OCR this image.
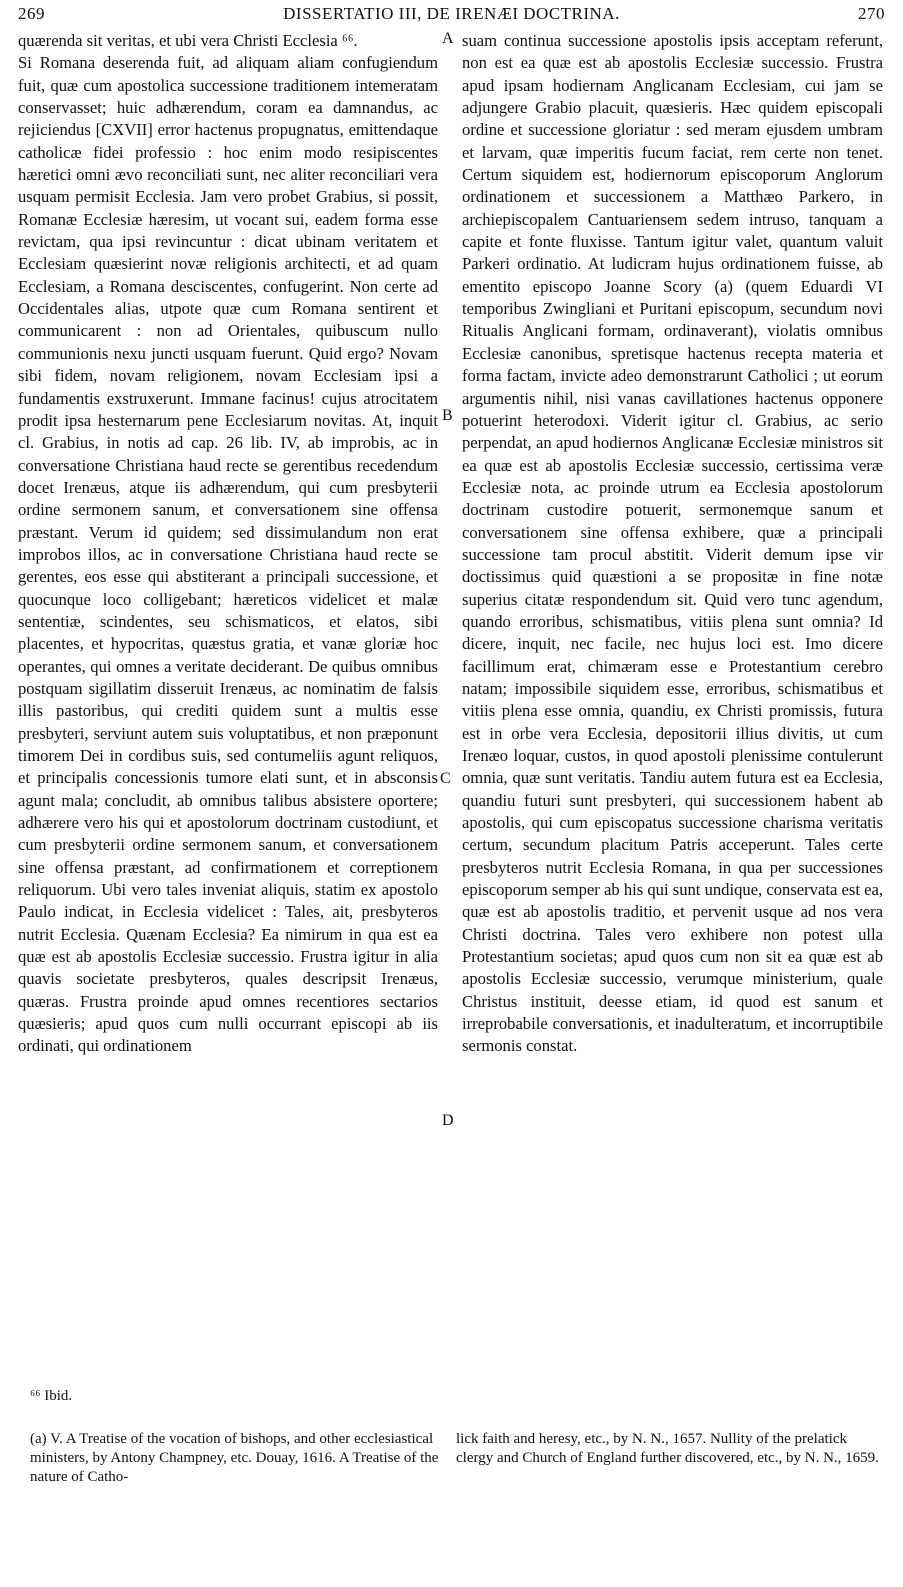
269	DISSERTATIO III, DE IRENÆI DOCTRINA.	270

quærenda sit veritas, et ubi vera Christi Ecclesia ⁶⁶.

Si Romana deserenda fuit, ad aliquam aliam confugiendum fuit, quæ cum apostolica successione traditionem intemeratam conservasset; huic adhærendum, coram ea damnandus, ac rejiciendus [CXVII] error hactenus propugnatus, emittendaque catholicæ fidei professio : hoc enim modo resipiscentes hæretici omni ævo reconciliati sunt, nec aliter reconciliari vera usquam permisit Ecclesia. Jam vero probet Grabius, si possit, Romanæ Ecclesiæ hæresim, ut vocant sui, eadem forma esse revictam, qua ipsi revincuntur : dicat ubinam veritatem et Ecclesiam quæsierint novæ religionis architecti, et ad quam Ecclesiam, a Romana desciscentes, confugerint. Non certe ad Occidentales alias, utpote quæ cum Romana sentirent et communicarent : non ad Orientales, quibuscum nullo communionis nexu juncti usquam fuerunt. Quid ergo? Novam sibi fidem, novam religionem, novam Ecclesiam ipsi a fundamentis exstruxerunt. Immane facinus! cujus atrocitatem prodit ipsa hesternarum pene Ecclesiarum novitas. At, inquit cl. Grabius, in notis ad cap. 26 lib. IV, ab improbis, ac in conversatione Christiana haud recte se gerentibus recedendum docet Irenæus, atque iis adhærendum, qui cum presbyterii ordine sermonem sanum, et conversationem sine offensa præstant. Verum id quidem; sed dissimulandum non erat improbos illos, ac in conversatione Christiana haud recte se gerentes, eos esse qui abstiterant a principali successione, et quocunque loco colligebant; hæreticos videlicet et malæ sententiæ, scindentes, seu schismaticos, et elatos, sibi placentes, et hypocritas, quæstus gratia, et vanæ gloriæ hoc operantes, qui omnes a veritate deciderant. De quibus omnibus postquam sigillatim disseruit Irenæus, ac nominatim de falsis illis pastoribus, qui crediti quidem sunt a multis esse presbyteri, serviunt autem suis voluptatibus, et non præponunt timorem Dei in cordibus suis, sed contumeliis agunt reliquos, et principalis concessionis tumore elati sunt, et in absconsis agunt mala; concludit, ab omnibus talibus absistere oportere; adhærere vero his qui et apostolorum doctrinam custodiunt, et cum presbyterii ordine sermonem sanum, et conversationem sine offensa præstant, ad confirmationem et correptionem reliquorum. Ubi vero tales inveniat aliquis, statim ex apostolo Paulo indicat, in Ecclesia videlicet : Tales, ait, presbyteros nutrit Ecclesia. Quænam Ecclesia? Ea nimirum in qua est ea quæ est ab apostolis Ecclesiæ successio. Frustra igitur in alia quavis societate presbyteros, quales descripsit Irenæus, quæras. Frustra proinde apud omnes recentiores sectarios quæsieris; apud quos cum nulli occurrant episcopi ab iis ordinati, qui ordinationem

A
B
C
D

suam continua successione apostolis ipsis acceptam referunt, non est ea quæ est ab apostolis Ecclesiæ successio. Frustra apud ipsam hodiernam Anglicanam Ecclesiam, cui jam se adjungere Grabio placuit, quæsieris. Hæc quidem episcopali ordine et successione gloriatur : sed meram ejusdem umbram et larvam, quæ imperitis fucum faciat, rem certe non tenet. Certum siquidem est, hodiernorum episcoporum Anglorum ordinationem et successionem a Matthæo Parkero, in archiepiscopalem Cantuariensem sedem intruso, tanquam a capite et fonte fluxisse. Tantum igitur valet, quantum valuit Parkeri ordinatio. At ludicram hujus ordinationem fuisse, ab ementito episcopo Joanne Scory (a) (quem Eduardi VI temporibus Zwingliani et Puritani episcopum, secundum novi Ritualis Anglicani formam, ordinaverant), violatis omnibus Ecclesiæ canonibus, spretisque hactenus recepta materia et forma factam, invicte adeo demonstrarunt Catholici ; ut eorum argumentis nihil, nisi vanas cavillationes hactenus opponere potuerint heterodoxi. Viderit igitur cl. Grabius, ac serio perpendat, an apud hodiernos Anglicanæ Ecclesiæ ministros sit ea quæ est ab apostolis Ecclesiæ successio, certissima veræ Ecclesiæ nota, ac proinde utrum ea Ecclesia apostolorum doctrinam custodire potuerit, sermonemque sanum et conversationem sine offensa exhibere, quæ a principali successione tam procul abstitit. Viderit demum ipse vir doctissimus quid quæstioni a se propositæ in fine notæ superius citatæ respondendum sit. Quid vero tunc agendum, quando erroribus, schismatibus, vitiis plena sunt omnia? Id dicere, inquit, nec facile, nec hujus loci est. Imo dicere facillimum erat, chimæram esse e Protestantium cerebro natam; impossibile siquidem esse, erroribus, schismatibus et vitiis plena esse omnia, quandiu, ex Christi promissis, futura est in orbe vera Ecclesia, depositorii illius divitis, ut cum Irenæo loquar, custos, in quod apostoli plenissime contulerunt omnia, quæ sunt veritatis. Tandiu autem futura est ea Ecclesia, quandiu futuri sunt presbyteri, qui successionem habent ab apostolis, qui cum episcopatus successione charisma veritatis certum, secundum placitum Patris acceperunt. Tales certe presbyteros nutrit Ecclesia Romana, in qua per successiones episcoporum semper ab his qui sunt undique, conservata est ea, quæ est ab apostolis traditio, et pervenit usque ad nos vera Christi doctrina. Tales vero exhibere non potest ulla Protestantium societas; apud quos cum non sit ea quæ est ab apostolis Ecclesiæ successio, verumque ministerium, quale Christus instituit, deesse etiam, id quod est sanum et irreprobabile conversationis, et inadulteratum, et incorruptibile sermonis constat.

⁶⁶ Ibid.
(a) V. A Treatise of the vocation of bishops, and other ecclesiastical ministers, by Antony Champney, etc. Douay, 1616. A Treatise of the nature of Catho-
lick faith and heresy, etc., by N. N., 1657. Nullity of the prelatick clergy and Church of England further discovered, etc., by N. N., 1659.
